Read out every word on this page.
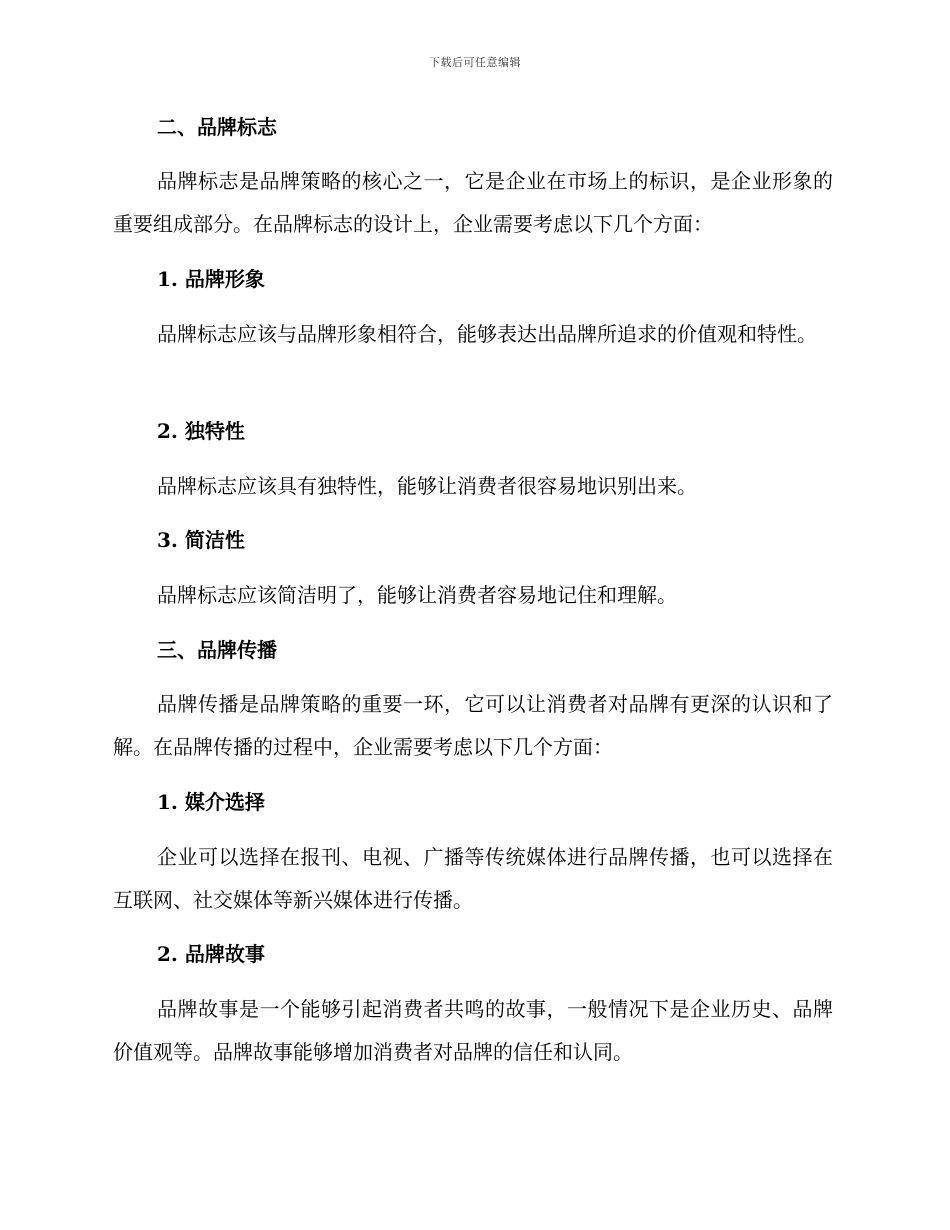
下载后可任意编辑
二、品牌标志
品牌标志是品牌策略的核心之一，它是企业在市场上的标识，是企业形象的重要组成部分。在品牌标志的设计上，企业需要考虑以下几个方面：
1. 品牌形象
品牌标志应该与品牌形象相符合，能够表达出品牌所追求的价值观和特性。
2. 独特性
品牌标志应该具有独特性，能够让消费者很容易地识别出来。
3. 简洁性
品牌标志应该简洁明了，能够让消费者容易地记住和理解。
三、品牌传播
品牌传播是品牌策略的重要一环，它可以让消费者对品牌有更深的认识和了解。在品牌传播的过程中，企业需要考虑以下几个方面：
1. 媒介选择
企业可以选择在报刊、电视、广播等传统媒体进行品牌传播，也可以选择在互联网、社交媒体等新兴媒体进行传播。
2. 品牌故事
品牌故事是一个能够引起消费者共鸣的故事，一般情况下是企业历史、品牌价值观等。品牌故事能够增加消费者对品牌的信任和认同。
